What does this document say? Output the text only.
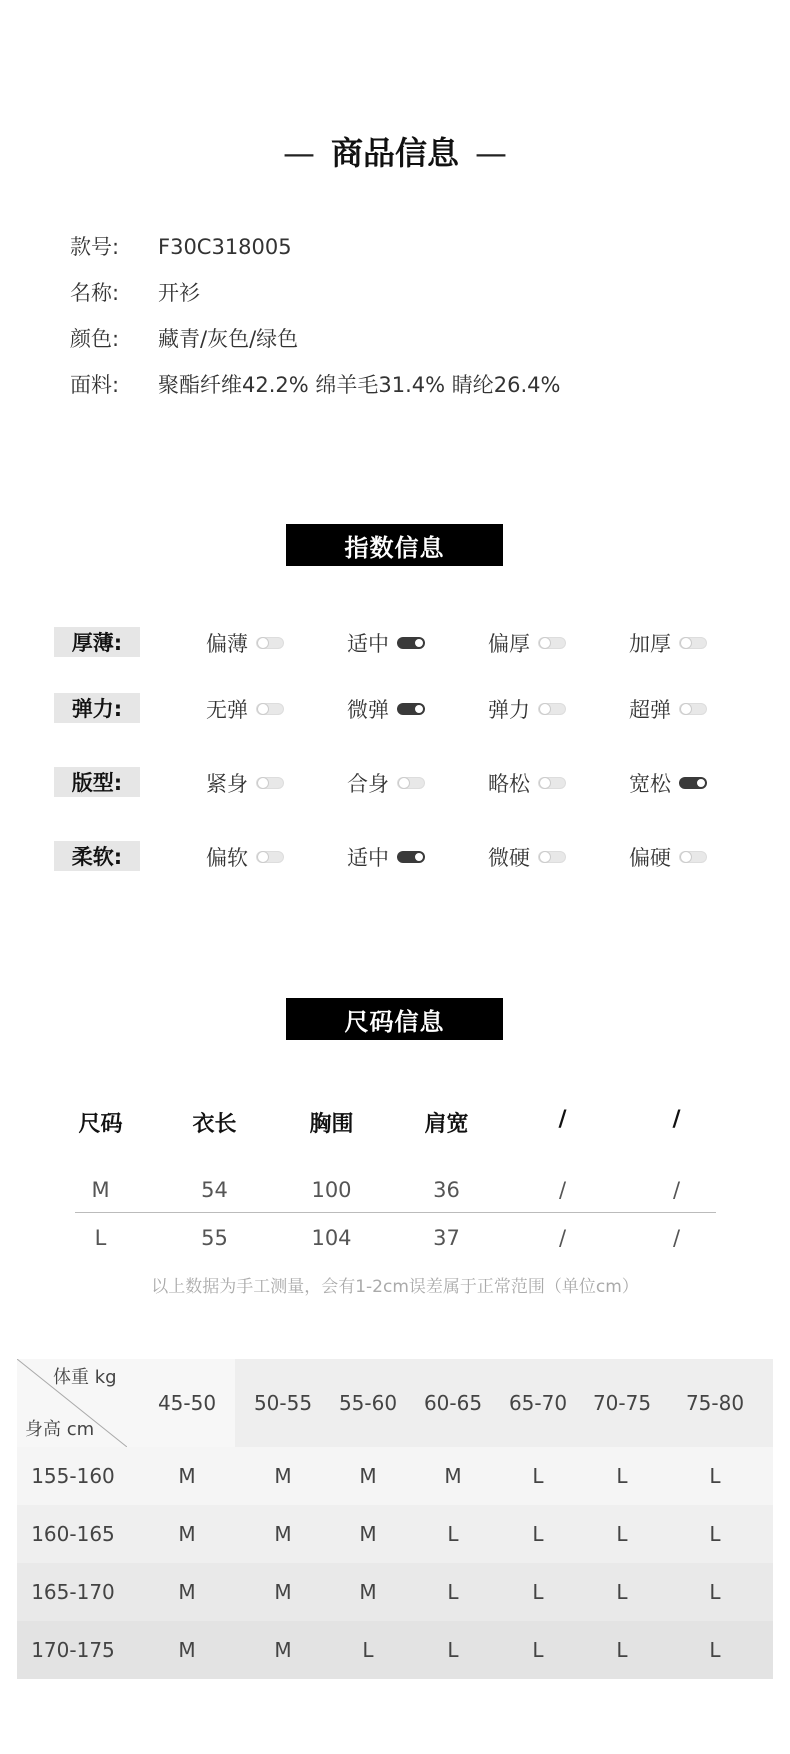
— 商品信息 —
款号: F30C318005
名称: 开衫
颜色: 藏青/灰色/绿色
面料: 聚酯纤维42.2% 绵羊毛31.4% 睛纶26.4%
指数信息
厚薄:	偏薄	适中	偏厚	加厚
弹力:	无弹	微弹	弹力	超弹
版型:	紧身	合身	略松	宽松
柔软:	偏软	适中	微硬	偏硬
尺码信息
尺码	衣长	胸围	肩宽	/	/
M	54	100	36	/	/
L	55	104	37	/	/
以上数据为手工测量，会有1-2cm误差属于正常范围（单位cm）
体重 kg
身高 cm
45-50	50-55	55-60	60-65	65-70	70-75	75-80
155-160	M	M	M	M	L	L	L
160-165	M	M	M	L	L	L	L
165-170	M	M	M	L	L	L	L
170-175	M	M	L	L	L	L	L
